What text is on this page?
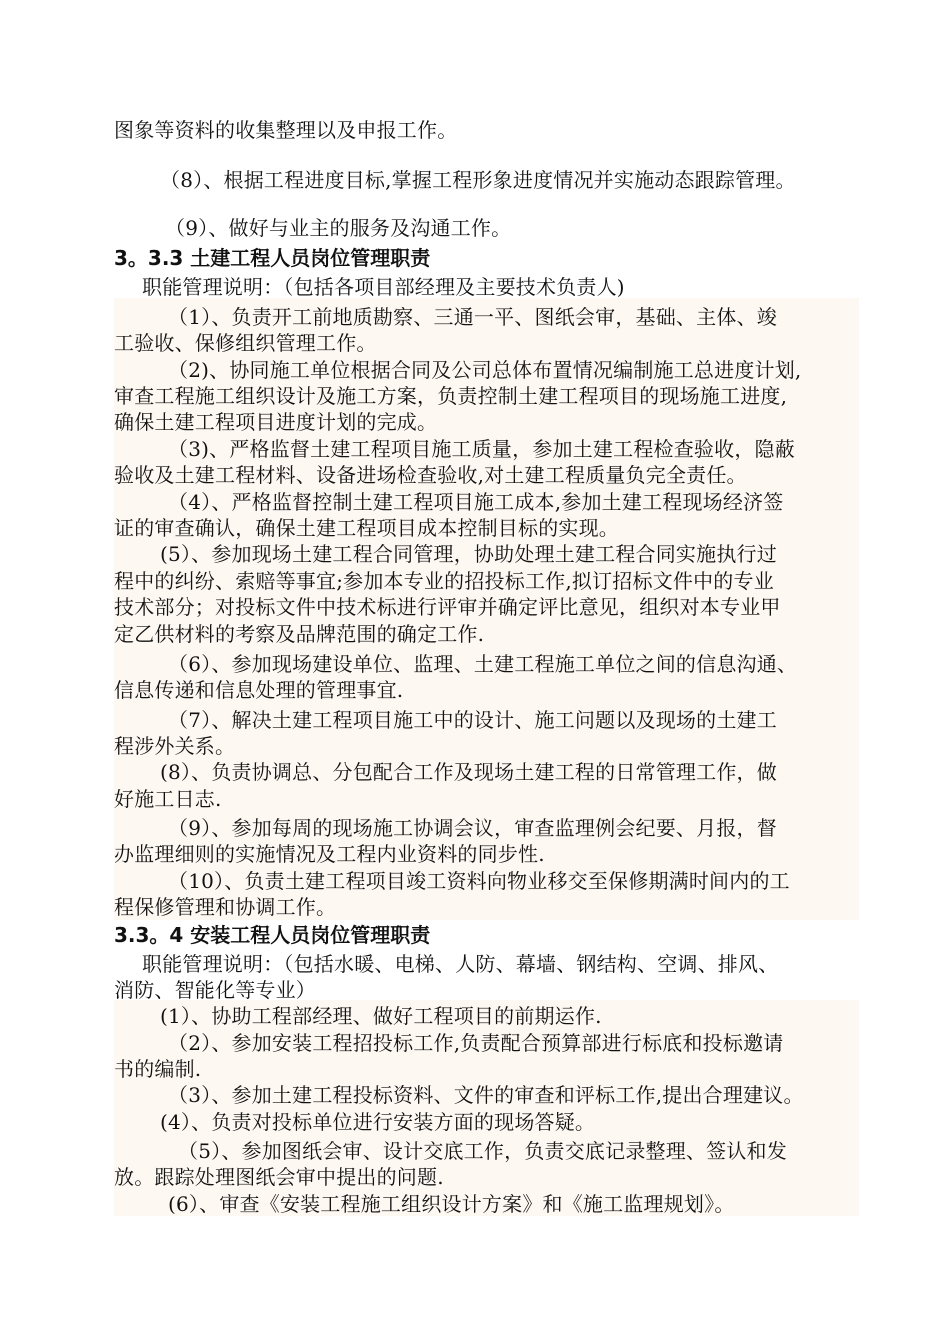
图象等资料的收集整理以及申报工作。
（8）、根据工程进度目标,掌握工程形象进度情况并实施动态跟踪管理。
（9）、做好与业主的服务及沟通工作。
3。3.3 土建工程人员岗位管理职责
职能管理说明：（包括各项目部经理及主要技术负责人)
（1）、负责开工前地质勘察、三通一平、图纸会审，基础、主体、竣
工验收、保修组织管理工作。
（2)、协同施工单位根据合同及公司总体布置情况编制施工总进度计划,
审查工程施工组织设计及施工方案，负责控制土建工程项目的现场施工进度,
确保土建工程项目进度计划的完成。
（3)、严格监督土建工程项目施工质量，参加土建工程检查验收，隐蔽
验收及土建工程材料、设备进场检查验收,对土建工程质量负完全责任。
（4）、严格监督控制土建工程项目施工成本,参加土建工程现场经济签
证的审查确认，确保土建工程项目成本控制目标的实现。
(5）、参加现场土建工程合同管理，协助处理土建工程合同实施执行过
程中的纠纷、索赔等事宜;参加本专业的招投标工作,拟订招标文件中的专业
技术部分；对投标文件中技术标进行评审并确定评比意见，组织对本专业甲
定乙供材料的考察及品牌范围的确定工作.
（6）、参加现场建设单位、监理、土建工程施工单位之间的信息沟通、
信息传递和信息处理的管理事宜.
（7）、解决土建工程项目施工中的设计、施工问题以及现场的土建工
程涉外关系。
(8）、负责协调总、分包配合工作及现场土建工程的日常管理工作，做
好施工日志.
（9）、参加每周的现场施工协调会议，审查监理例会纪要、月报，督
办监理细则的实施情况及工程内业资料的同步性.
（10）、负责土建工程项目竣工资料向物业移交至保修期满时间内的工
程保修管理和协调工作。
3.3。4 安装工程人员岗位管理职责
职能管理说明：（包括水暖、电梯、人防、幕墙、钢结构、空调、排风、
消防、智能化等专业）
(1）、协助工程部经理、做好工程项目的前期运作.
（2）、参加安装工程招投标工作,负责配合预算部进行标底和投标邀请
书的编制.
（3）、参加土建工程投标资料、文件的审查和评标工作,提出合理建议。
(4）、负责对投标单位进行安装方面的现场答疑。
（5）、参加图纸会审、设计交底工作，负责交底记录整理、签认和发
放。跟踪处理图纸会审中提出的问题.
(6）、审查《安装工程施工组织设计方案》和《施工监理规划》。
